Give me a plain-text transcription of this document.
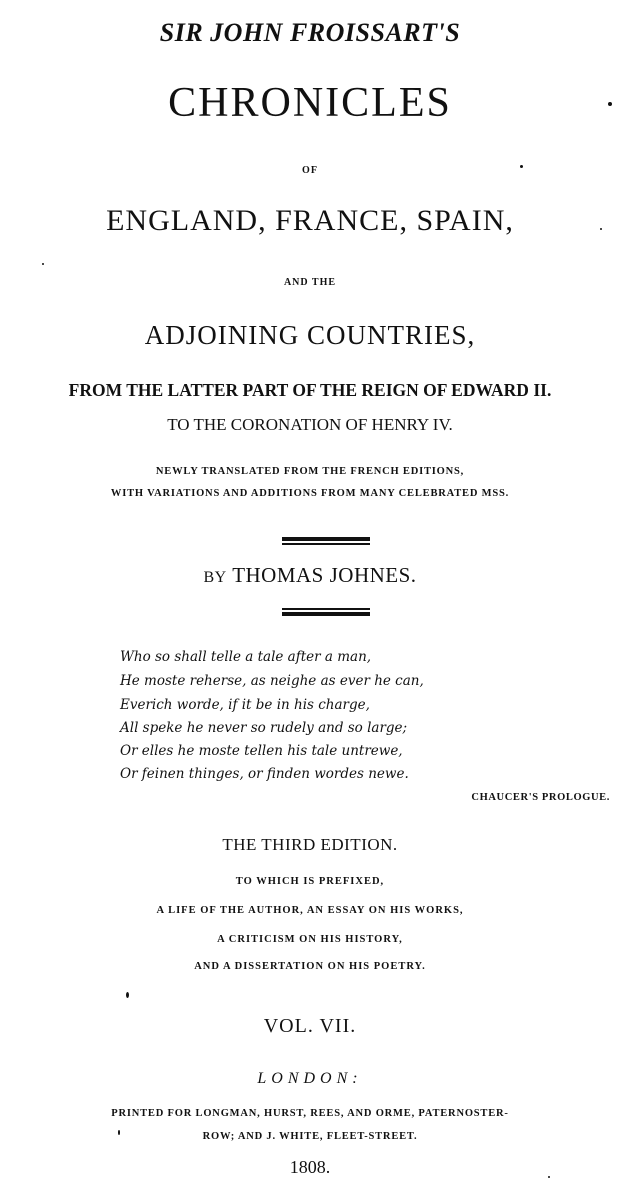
SIR JOHN FROISSART'S
CHRONICLES
OF
ENGLAND, FRANCE, SPAIN,
AND THE
ADJOINING COUNTRIES,
FROM THE LATTER PART OF THE REIGN OF EDWARD II.
TO THE CORONATION OF HENRY IV.
NEWLY TRANSLATED FROM THE FRENCH EDITIONS,
WITH VARIATIONS AND ADDITIONS FROM MANY CELEBRATED MSS.
BY THOMAS JOHNES.
Who so shall telle a tale after a man,
He moste reherse, as neighe as ever he can,
Everich worde, if it be in his charge,
All speke he never so rudely and so large;
Or elles he moste tellen his tale untrewe,
Or feinen thinges, or finden wordes newe.
CHAUCER'S PROLOGUE.
THE THIRD EDITION.
TO WHICH IS PREFIXED,
A LIFE OF THE AUTHOR, AN ESSAY ON HIS WORKS,
A CRITICISM ON HIS HISTORY,
AND A DISSERTATION ON HIS POETRY.
VOL. VII.
LONDON:
PRINTED FOR LONGMAN, HURST, REES, AND ORME, PATERNOSTER-
ROW; AND J. WHITE, FLEET-STREET.
1808.
